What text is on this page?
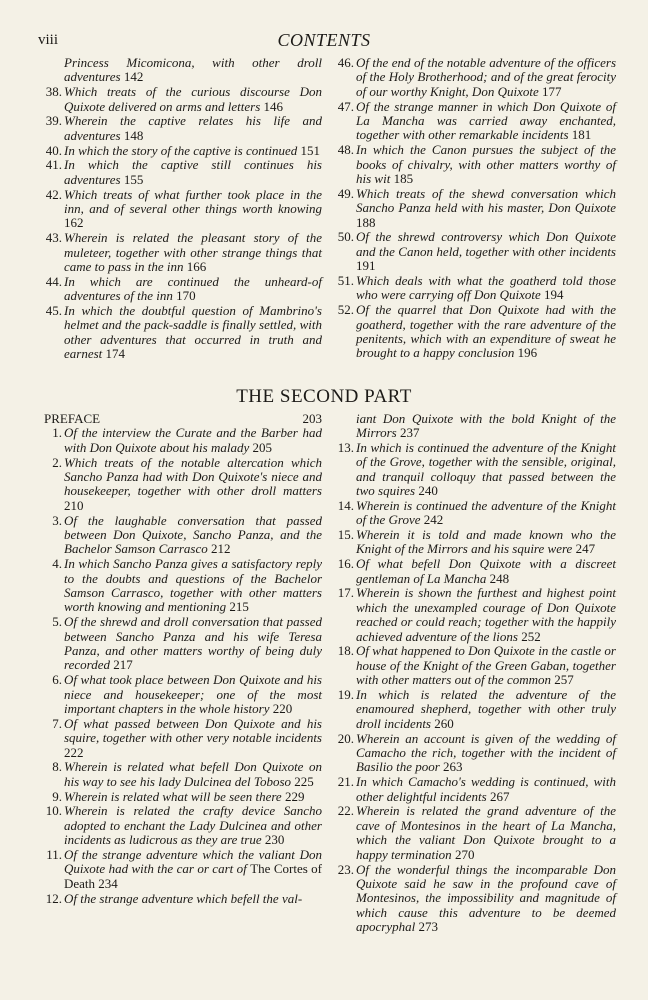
viii	CONTENTS
Princess Micomicona, with other droll adventures 142
38. Which treats of the curious discourse Don Quixote delivered on arms and letters 146
39. Wherein the captive relates his life and adventures 148
40. In which the story of the captive is continued 151
41. In which the captive still continues his adventures 155
42. Which treats of what further took place in the inn, and of several other things worth knowing 162
43. Wherein is related the pleasant story of the muleteer, together with other strange things that came to pass in the inn 166
44. In which are continued the unheard-of adventures of the inn 170
45. In which the doubtful question of Mambrino's helmet and the pack-saddle is finally settled, with other adventures that occurred in truth and earnest 174
46. Of the end of the notable adventure of the officers of the Holy Brotherhood; and of the great ferocity of our worthy Knight, Don Quixote 177
47. Of the strange manner in which Don Quixote of La Mancha was carried away enchanted, together with other remarkable incidents 181
48. In which the Canon pursues the subject of the books of chivalry, with other matters worthy of his wit 185
49. Which treats of the shewd conversation which Sancho Panza held with his master, Don Quixote 188
50. Of the shrewd controversy which Don Quixote and the Canon held, together with other incidents 191
51. Which deals with what the goatherd told those who were carrying off Don Quixote 194
52. Of the quarrel that Don Quixote had with the goatherd, together with the rare adventure of the penitents, which with an expenditure of sweat he brought to a happy conclusion 196
THE SECOND PART
PREFACE	203
1. Of the interview the Curate and the Barber had with Don Quixote about his malady 205
2. Which treats of the notable altercation which Sancho Panza had with Don Quixote's niece and housekeeper, together with other droll matters 210
3. Of the laughable conversation that passed between Don Quixote, Sancho Panza, and the Bachelor Samson Carrasco 212
4. In which Sancho Panza gives a satisfactory reply to the doubts and questions of the Bachelor Samson Carrasco, together with other matters worth knowing and mentioning 215
5. Of the shrewd and droll conversation that passed between Sancho Panza and his wife Teresa Panza, and other matters worthy of being duly recorded 217
6. Of what took place between Don Quixote and his niece and housekeeper; one of the most important chapters in the whole history 220
7. Of what passed between Don Quixote and his squire, together with other very notable incidents 222
8. Wherein is related what befell Don Quixote on his way to see his lady Dulcinea del Toboso 225
9. Wherein is related what will be seen there 229
10. Wherein is related the crafty device Sancho adopted to enchant the Lady Dulcinea and other incidents as ludicrous as they are true 230
11. Of the strange adventure which the valiant Don Quixote had with the car or cart of The Cortes of Death 234
12. Of the strange adventure which befell the val-
iant Don Quixote with the bold Knight of the Mirrors 237
13. In which is continued the adventure of the Knight of the Grove, together with the sensible, original, and tranquil colloquy that passed between the two squires 240
14. Wherein is continued the adventure of the Knight of the Grove 242
15. Wherein it is told and made known who the Knight of the Mirrors and his squire were 247
16. Of what befell Don Quixote with a discreet gentleman of La Mancha 248
17. Wherein is shown the furthest and highest point which the unexampled courage of Don Quixote reached or could reach; together with the happily achieved adventure of the lions 252
18. Of what happened to Don Quixote in the castle or house of the Knight of the Green Gaban, together with other matters out of the common 257
19. In which is related the adventure of the enamoured shepherd, together with other truly droll incidents 260
20. Wherein an account is given of the wedding of Camacho the rich, together with the incident of Basilio the poor 263
21. In which Camacho's wedding is continued, with other delightful incidents 267
22. Wherein is related the grand adventure of the cave of Montesinos in the heart of La Mancha, which the valiant Don Quixote brought to a happy termination 270
23. Of the wonderful things the incomparable Don Quixote said he saw in the profound cave of Montesinos, the impossibility and magnitude of which cause this adventure to be deemed apocryphal 273
